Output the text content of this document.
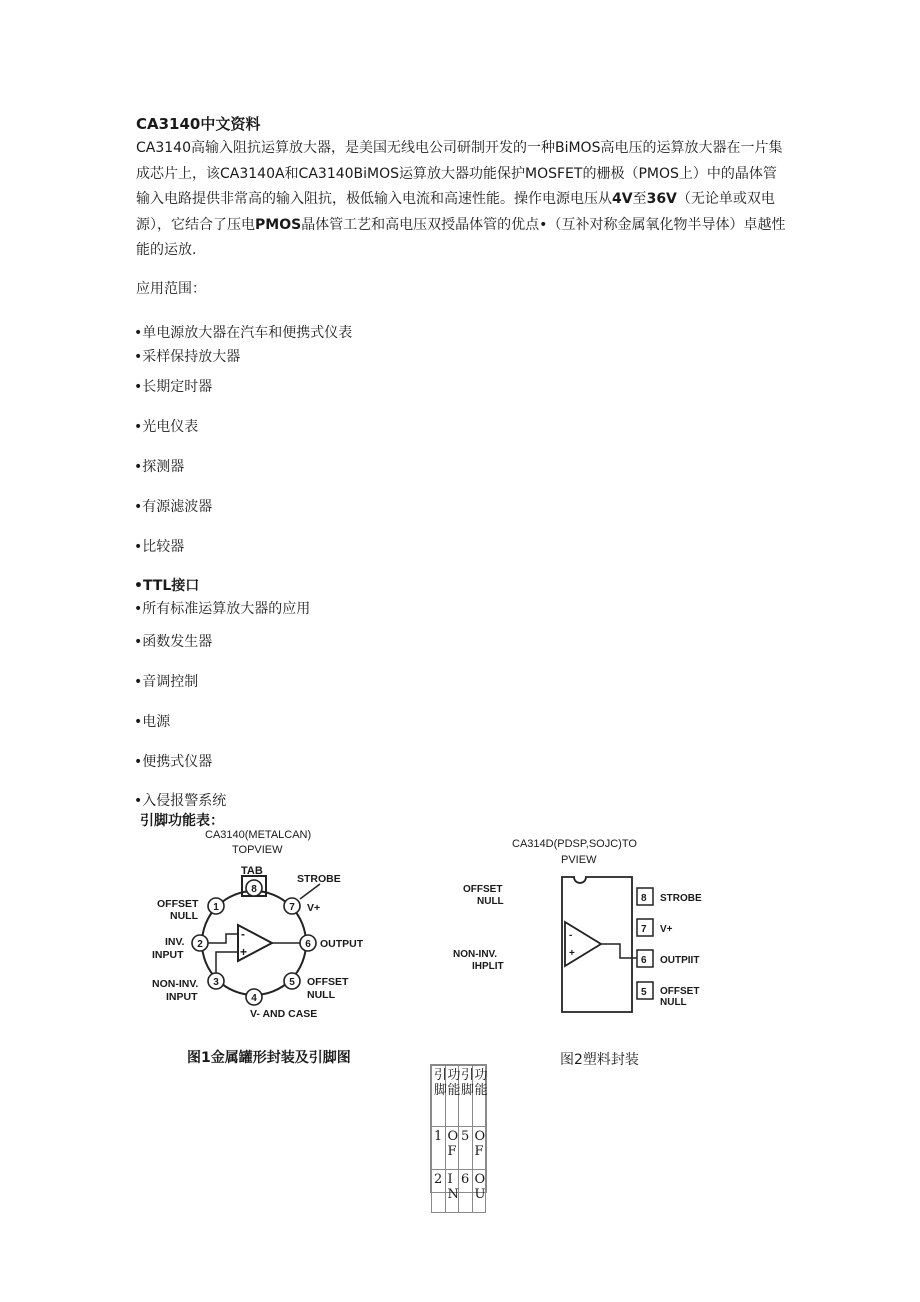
CA3140中文资料

CA3140高输入阻抗运算放大器，是美国无线电公司研制开发的一种BiMOS高电压的运算放大器在一片集成芯片上，该CA3140A和CA3140BiMOS运算放大器功能保护MOSFET的栅极（PMOS上）中的晶体管输入电路提供非常高的输入阻抗，极低输入电流和高速性能。操作电源电压从4V至36V（无论单或双电源），它结合了压电PMOS晶体管工艺和高电压双授晶体管的优点•（互补对称金属氧化物半导体）卓越性能的运放.

应用范围：

•单电源放大器在汽车和便携式仪表

•采样保持放大器

•长期定时器

•光电仪表

•探测器

•有源滤波器

•比较器

•TTL接口

•所有标准运算放大器的应用

•函数发生器

•音调控制

•电源

•便携式仪器

•入侵报警系统

引脚功能表：

CA3140(METALCAN)
TOPVIEW
TAB
1
2
3
4
5
6
7
8
-
+
STROBE
OFFSET
NULL
V+
INV.
INPUT
OUTPUT
NON-INV.
INPUT
OFFSET
NULL
V- AND CASE
CA314D(PDSP,SOJC)TO
PVIEW
-
+
8
7
6
5
STROBE
V+
OUTPIIT
OFFSET
NULL
OFFSET
NULL
NON-INV.
IHPLIT

图1金属罐形封装及引脚图	图2塑料封装

引脚	功能	引脚	功能

1	OF	5	OF

2	IN	6	OU
